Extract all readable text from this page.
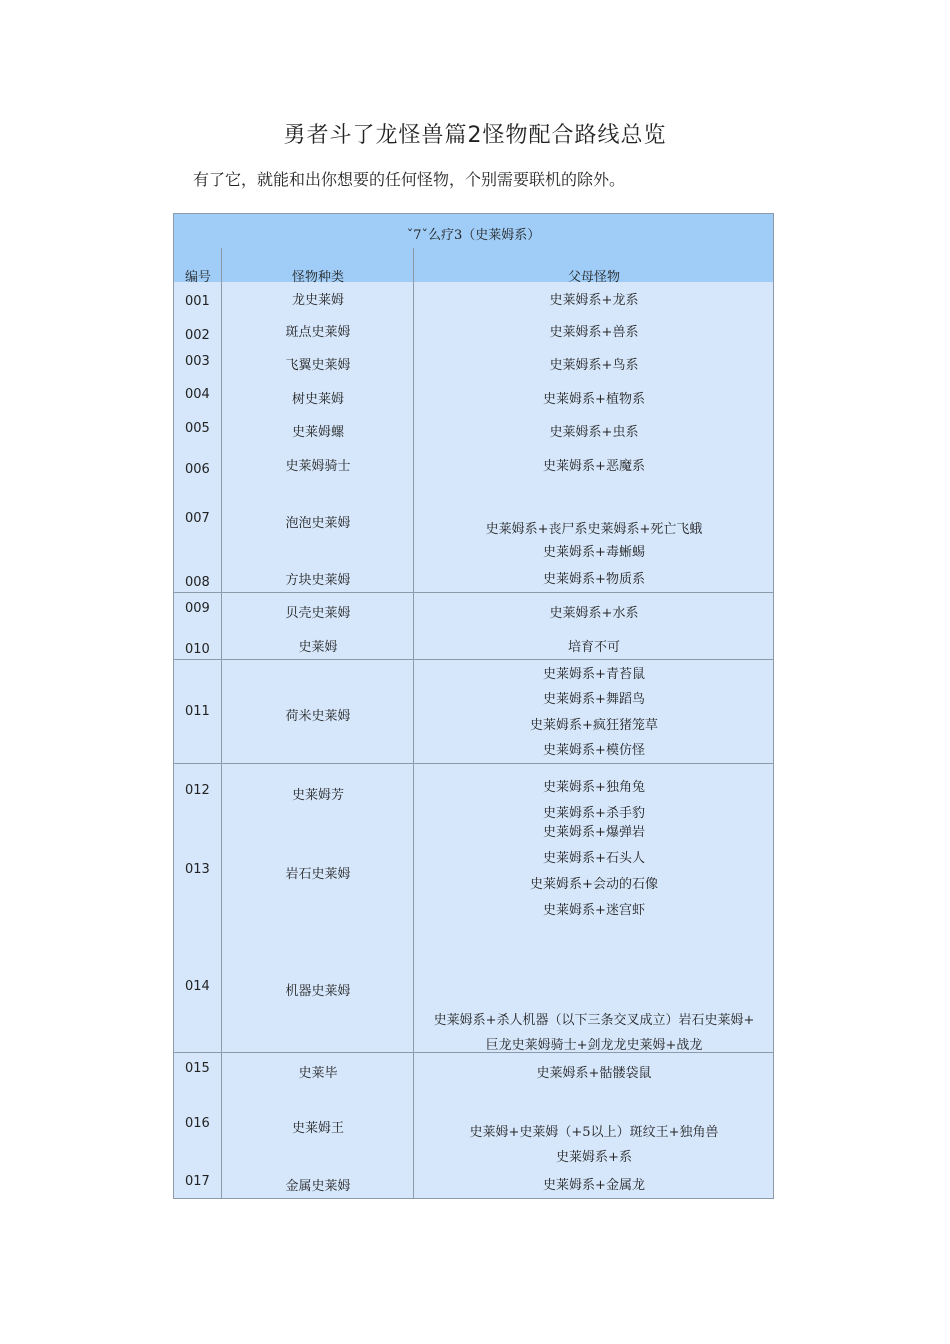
勇者斗了龙怪兽篇2怪物配合路线总览
有了它，就能和出你想要的任何怪物，个别需要联机的除外。
ˇ7ˇ么疗3（史莱姆系）
编号	怪物种类	父母怪物
001
002
003
004
005
006
007
008
009
010
011
012
013
014
015
016
017
龙史莱姆
斑点史莱姆
飞翼史莱姆
树史莱姆
史莱姆螺
史莱姆骑士
泡泡史莱姆
方块史莱姆
贝壳史莱姆
史莱姆
荷米史莱姆
史莱姆芳
岩石史莱姆
机器史莱姆
史莱毕
史莱姆王
金属史莱姆
史莱姆系+龙系
史莱姆系+兽系
史莱姆系+鸟系
史莱姆系+植物系
史莱姆系+虫系
史莱姆系+恶魔系
史莱姆系+丧尸系史莱姆系+死亡飞蛾
史莱姆系+毒蜥蜴
史莱姆系+物质系
史莱姆系+水系
培育不可
史莱姆系+青苔鼠
史莱姆系+舞蹈鸟
史莱姆系+疯狂猪笼草
史莱姆系+模仿怪
史莱姆系+独角兔
史莱姆系+杀手豹
史莱姆系+爆弹岩
史莱姆系+石头人
史莱姆系+会动的石像
史莱姆系+迷宫虾
史莱姆系+杀人机器（以下三条交叉成立）岩石史莱姆+
巨龙史莱姆骑士+剑龙龙史莱姆+战龙
史莱姆系+骷髅袋鼠
史莱姆+史莱姆（+5以上）斑纹王+独角兽
史莱姆系+系
史莱姆系+金属龙
